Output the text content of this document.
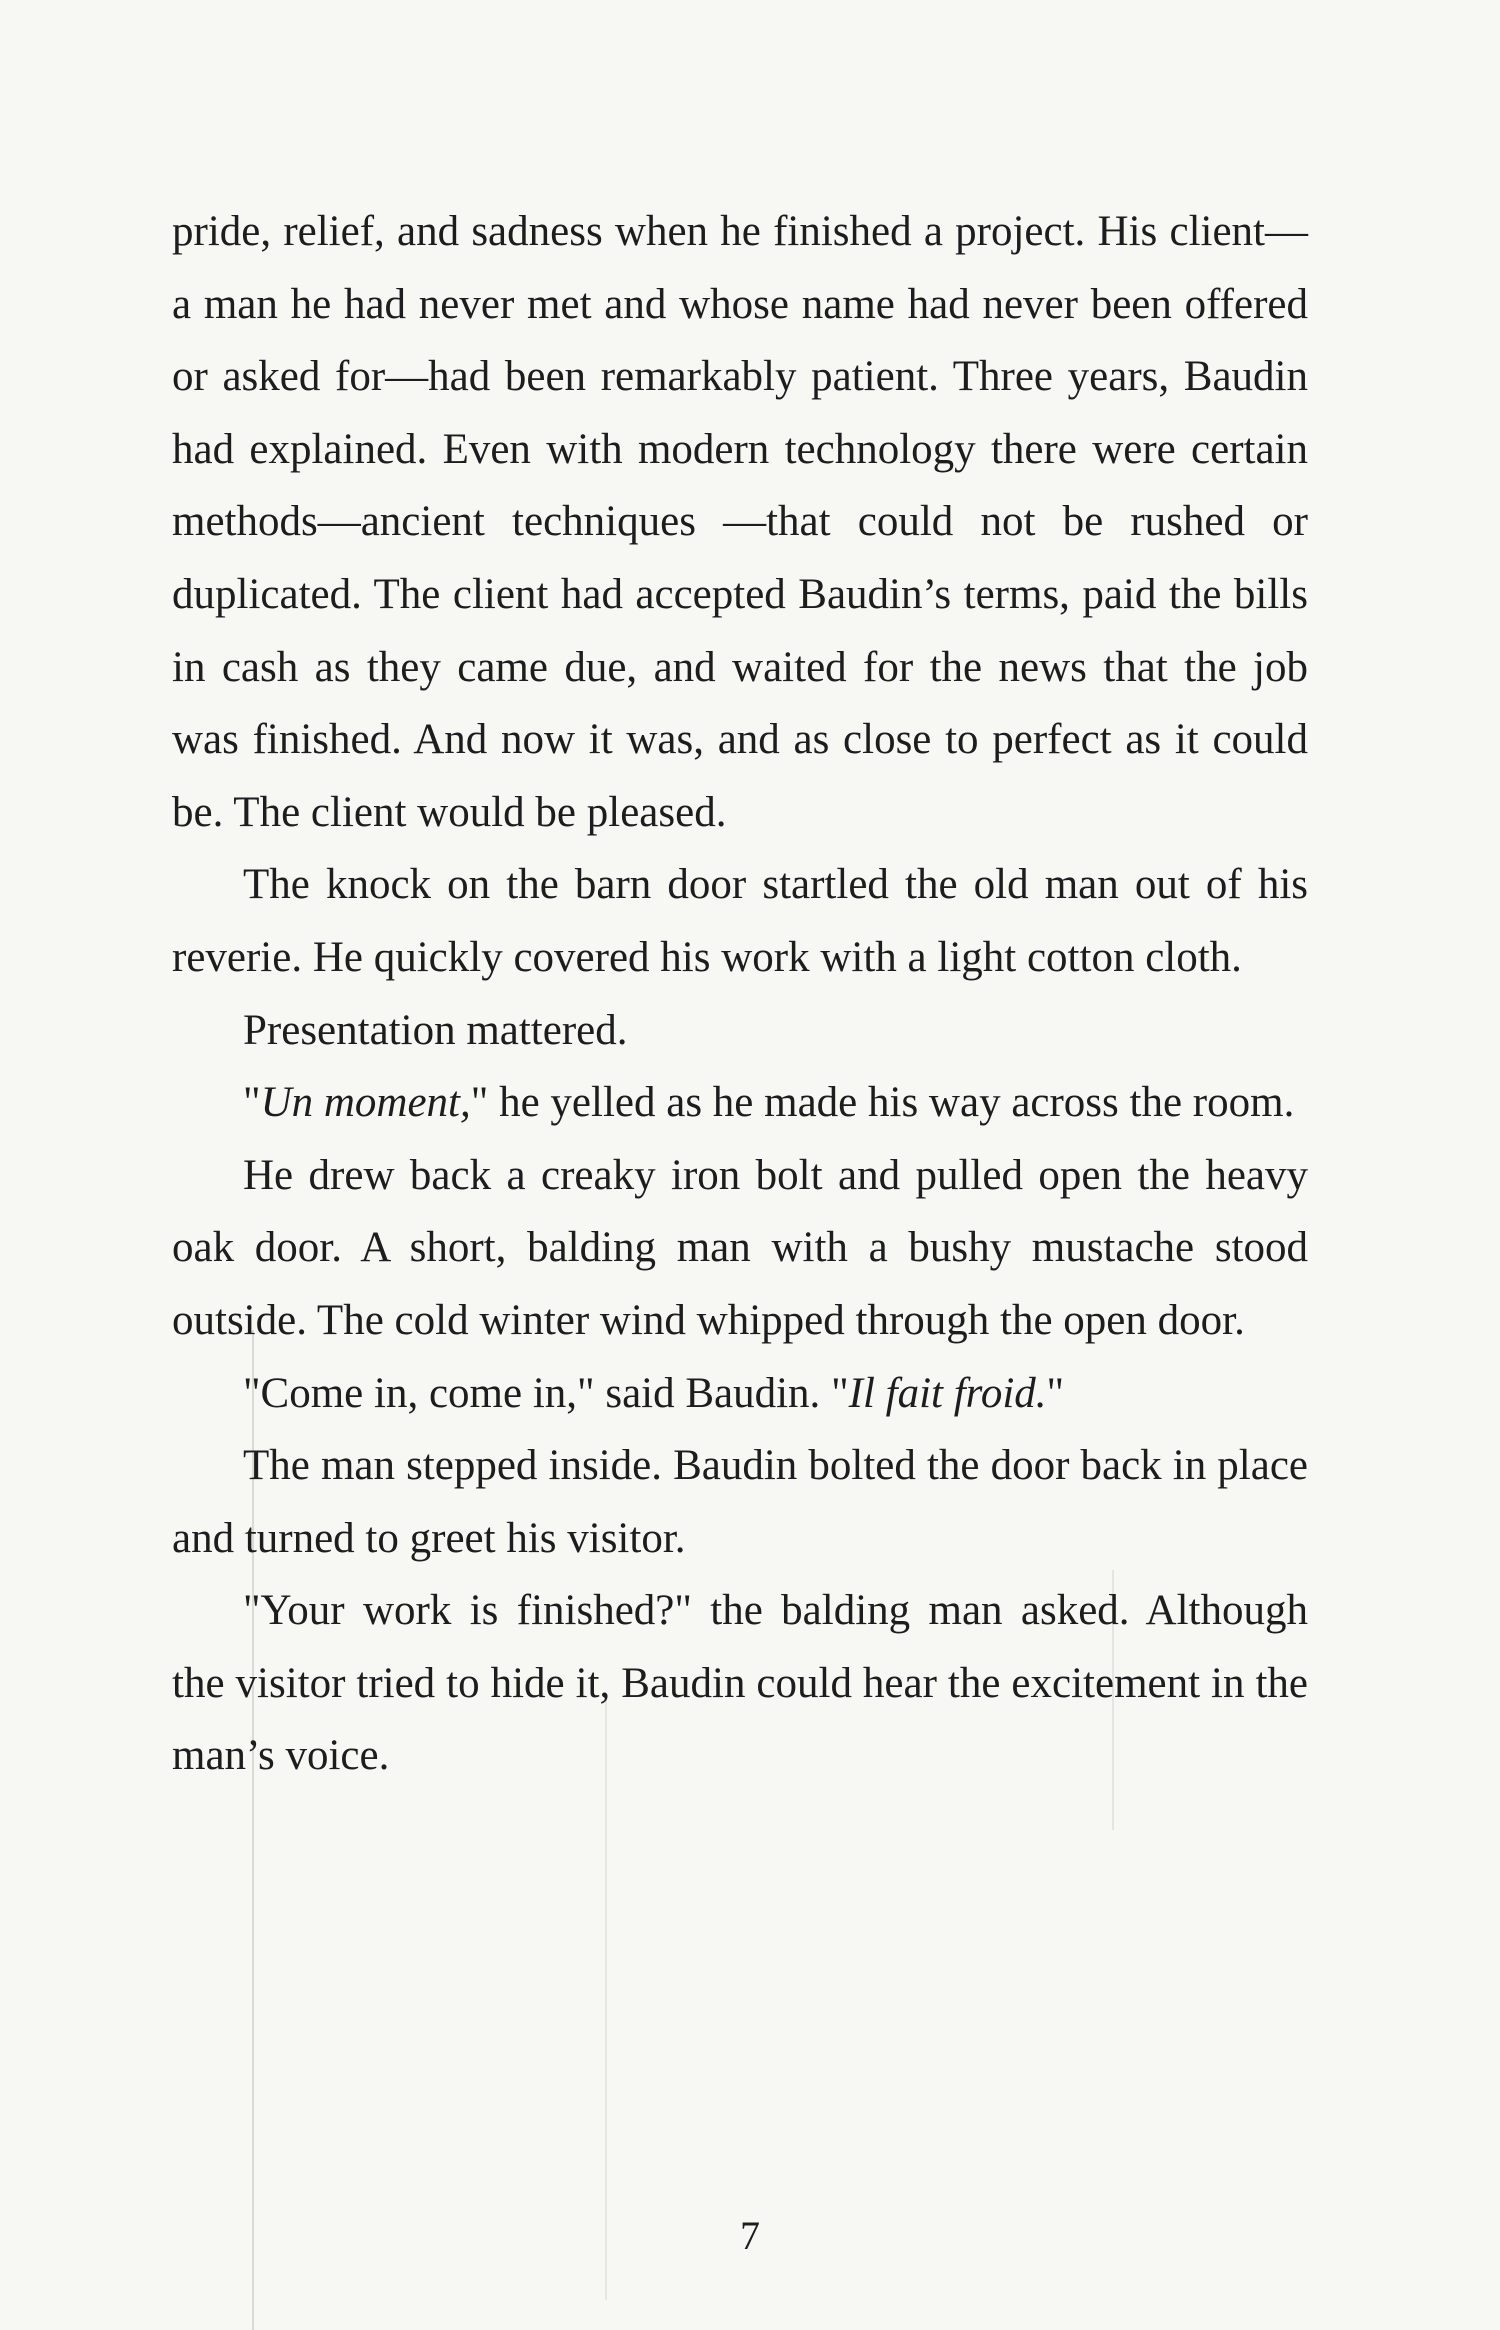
pride, relief, and sadness when he finished a project. His client—a man he had never met and whose name had never been offered or asked for—had been remarkably patient. Three years, Baudin had explained. Even with modern technology there were certain methods—ancient techniques —that could not be rushed or duplicated. The client had accepted Baudin’s terms, paid the bills in cash as they came due, and waited for the news that the job was finished. And now it was, and as close to perfect as it could be. The client would be pleased.

The knock on the barn door startled the old man out of his reverie. He quickly covered his work with a light cotton cloth.

Presentation mattered.

"Un moment," he yelled as he made his way across the room.

He drew back a creaky iron bolt and pulled open the heavy oak door. A short, balding man with a bushy mustache stood outside. The cold winter wind whipped through the open door.

"Come in, come in," said Baudin. "Il fait froid."

The man stepped inside. Baudin bolted the door back in place and turned to greet his visitor.

"Your work is finished?" the balding man asked. Although the visitor tried to hide it, Baudin could hear the excitement in the man’s voice.

7
